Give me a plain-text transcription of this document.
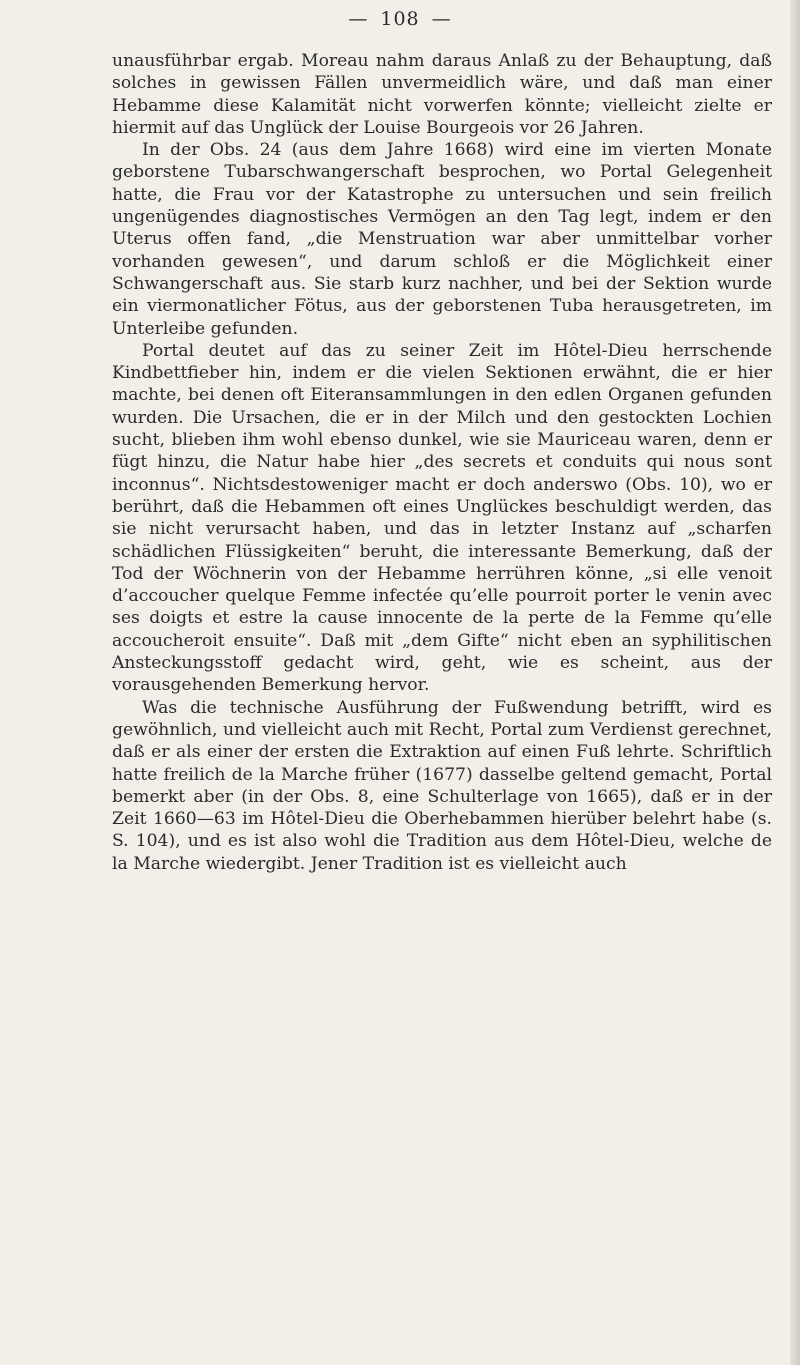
— 108 —

unausführbar ergab. Moreau nahm daraus Anlaß zu der Behauptung, daß solches in gewissen Fällen unvermeidlich wäre, und daß man einer Hebamme diese Kalamität nicht vorwerfen könnte; vielleicht zielte er hiermit auf das Unglück der Louise Bourgeois vor 26 Jahren.

In der Obs. 24 (aus dem Jahre 1668) wird eine im vierten Monate geborstene Tubarschwangerschaft besprochen, wo Portal Gelegenheit hatte, die Frau vor der Katastrophe zu untersuchen und sein freilich ungenügendes diagnostisches Vermögen an den Tag legt, indem er den Uterus offen fand, „die Menstruation war aber unmittelbar vorher vorhanden gewesen“, und darum schloß er die Möglichkeit einer Schwangerschaft aus. Sie starb kurz nachher, und bei der Sektion wurde ein viermonatlicher Fötus, aus der geborstenen Tuba herausgetreten, im Unterleibe gefunden.

Portal deutet auf das zu seiner Zeit im Hôtel-Dieu herrschende Kindbettfieber hin, indem er die vielen Sektionen erwähnt, die er hier machte, bei denen oft Eiteransammlungen in den edlen Organen gefunden wurden. Die Ursachen, die er in der Milch und den gestockten Lochien sucht, blieben ihm wohl ebenso dunkel, wie sie Mauriceau waren, denn er fügt hinzu, die Natur habe hier „des secrets et conduits qui nous sont inconnus“. Nichtsdestoweniger macht er doch anderswo (Obs. 10), wo er berührt, daß die Hebammen oft eines Unglückes beschuldigt werden, das sie nicht verursacht haben, und das in letzter Instanz auf „scharfen schädlichen Flüssigkeiten“ beruht, die interessante Bemerkung, daß der Tod der Wöchnerin von der Hebamme herrühren könne, „si elle venoit d’accoucher quelque Femme infectée qu’elle pourroit porter le venin avec ses doigts et estre la cause innocente de la perte de la Femme qu’elle accoucheroit ensuite“. Daß mit „dem Gifte“ nicht eben an syphilitischen Ansteckungsstoff gedacht wird, geht, wie es scheint, aus der vorausgehenden Bemerkung hervor.

Was die technische Ausführung der Fußwendung betrifft, wird es gewöhnlich, und vielleicht auch mit Recht, Portal zum Verdienst gerechnet, daß er als einer der ersten die Extraktion auf einen Fuß lehrte. Schriftlich hatte freilich de la Marche früher (1677) dasselbe geltend gemacht, Portal bemerkt aber (in der Obs. 8, eine Schulterlage von 1665), daß er in der Zeit 1660—63 im Hôtel-Dieu die Oberhebammen hierüber belehrt habe (s. S. 104), und es ist also wohl die Tradition aus dem Hôtel-Dieu, welche de la Marche wiedergibt. Jener Tradition ist es vielleicht auch
